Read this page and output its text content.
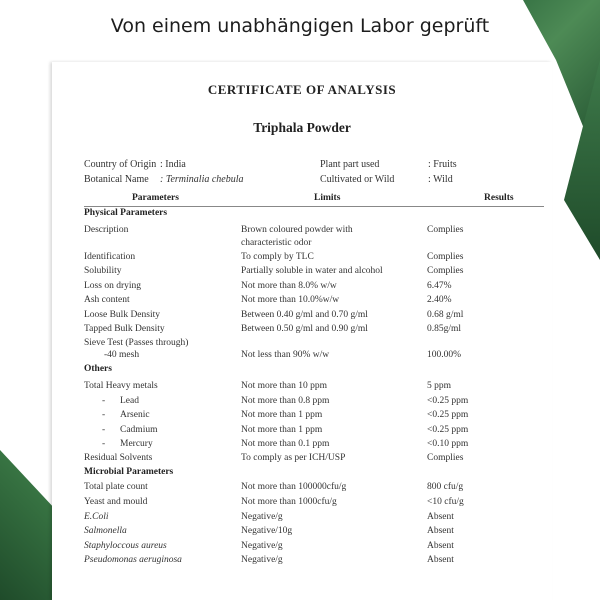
Von einem unabhängigen Labor geprüft
CERTIFICATE OF ANALYSIS
Triphala Powder
Country of Origin : India
Botanical Name : Terminalia chebula
Plant part used	: Fruits
Cultivated or Wild	: Wild
Parameters	Limits	Results
Physical Parameters
Description	Brown coloured powder with	Complies
characteristic odor
Identification	To comply by TLC	Complies
Solubility	Partially soluble in water and alcohol	Complies
Loss on drying	Not more than 8.0% w/w	6.47%
Ash content	Not more than 10.0%w/w	2.40%
Loose Bulk Density	Between 0.40 g/ml and 0.70 g/ml	0.68 g/ml
Tapped Bulk Density	Between 0.50 g/ml and 0.90 g/ml	0.85g/ml
Sieve Test (Passes through)
-40 mesh	Not less than 90% w/w	100.00%
Others
Total Heavy metals	Not more than 10 ppm	5 ppm
- Lead	Not more than 0.8 ppm	<0.25 ppm
- Arsenic	Not more than 1 ppm	<0.25 ppm
- Cadmium	Not more than 1 ppm	<0.25 ppm
- Mercury	Not more than 0.1 ppm	<0.10 ppm
Residual Solvents	To comply as per ICH/USP	Complies
Microbial Parameters
Total plate count	Not more than 100000cfu/g	800 cfu/g
Yeast and mould	Not more than 1000cfu/g	<10 cfu/g
E.Coli	Negative/g	Absent
Salmonella	Negative/10g	Absent
Staphyloccous aureus	Negative/g	Absent
Pseudomonas aeruginosa	Negative/g	Absent
